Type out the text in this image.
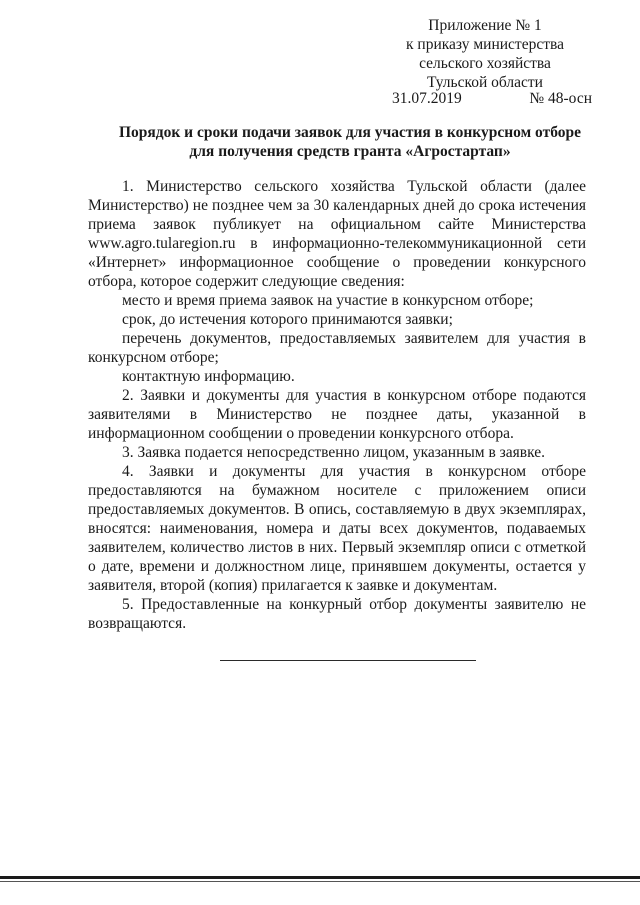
Приложение № 1
к приказу министерства
сельского хозяйства
Тульской области
31.07.2019	№ 48-осн
Порядок и сроки подачи заявок для участия в конкурсном отборе
для получения средств гранта «Агростартап»

1. Министерство сельского хозяйства Тульской области (далее Министерство) не позднее чем за 30 календарных дней до срока истечения приема заявок публикует на официальном сайте Министерства www.agro.tularegion.ru в информационно-телекоммуникационной сети «Интернет» информационное сообщение о проведении конкурсного отбора, которое содержит следующие сведения:

место и время приема заявок на участие в конкурсном отборе;

срок, до истечения которого принимаются заявки;

перечень документов, предоставляемых заявителем для участия в конкурсном отборе;

контактную информацию.

2. Заявки и документы для участия в конкурсном отборе подаются заявителями в Министерство не позднее даты, указанной в информационном сообщении о проведении конкурсного отбора.

3. Заявка подается непосредственно лицом, указанным в заявке.

4. Заявки и документы для участия в конкурсном отборе предоставляются на бумажном носителе с приложением описи предоставляемых документов. В опись, составляемую в двух экземплярах, вносятся: наименования, номера и даты всех документов, подаваемых заявителем, количество листов в них. Первый экземпляр описи с отметкой о дате, времени и должностном лице, принявшем документы, остается у заявителя, второй (копия) прилагается к заявке и документам.

5. Предоставленные на конкурный отбор документы заявителю не возвращаются.
